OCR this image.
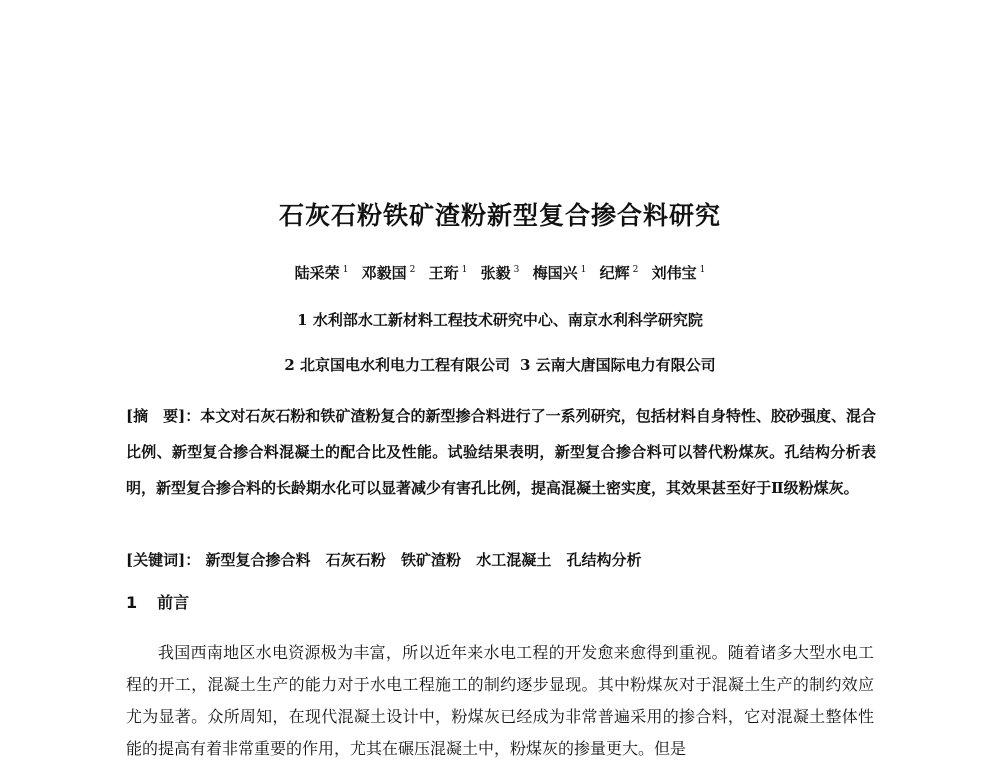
石灰石粉铁矿渣粉新型复合掺合料研究
陆采荣 $^1$ 邓毅国 $^2$ 王珩 $^1$ 张毅 $^3$ 梅国兴 $^1$ 纪辉 $^2$ 刘伟宝 $^1$
1 水利部水工新材料工程技术研究中心、南京水利科学研究院
2 北京国电水利电力工程有限公司 3 云南大唐国际电力有限公司
[摘　要]：本文对石灰石粉和铁矿渣粉复合的新型掺合料进行了一系列研究，包括材料自身特性、胶砂强度、混合比例、新型复合掺合料混凝土的配合比及性能。试验结果表明，新型复合掺合料可以替代粉煤灰。孔结构分析表明，新型复合掺合料的长龄期水化可以显著减少有害孔比例，提高混凝土密实度，其效果甚至好于Ⅱ级粉煤灰。
[关键词]： 新型复合掺合料 石灰石粉 铁矿渣粉 水工混凝土 孔结构分析
1 前言
我国西南地区水电资源极为丰富，所以近年来水电工程的开发愈来愈得到重视。随着诸多大型水电工程的开工，混凝土生产的能力对于水电工程施工的制约逐步显现。其中粉煤灰对于混凝土生产的制约效应尤为显著。众所周知，在现代混凝土设计中，粉煤灰已经成为非常普遍采用的掺合料，它对混凝土整体性能的提高有着非常重要的作用，尤其在碾压混凝土中，粉煤灰的掺量更大。但是
